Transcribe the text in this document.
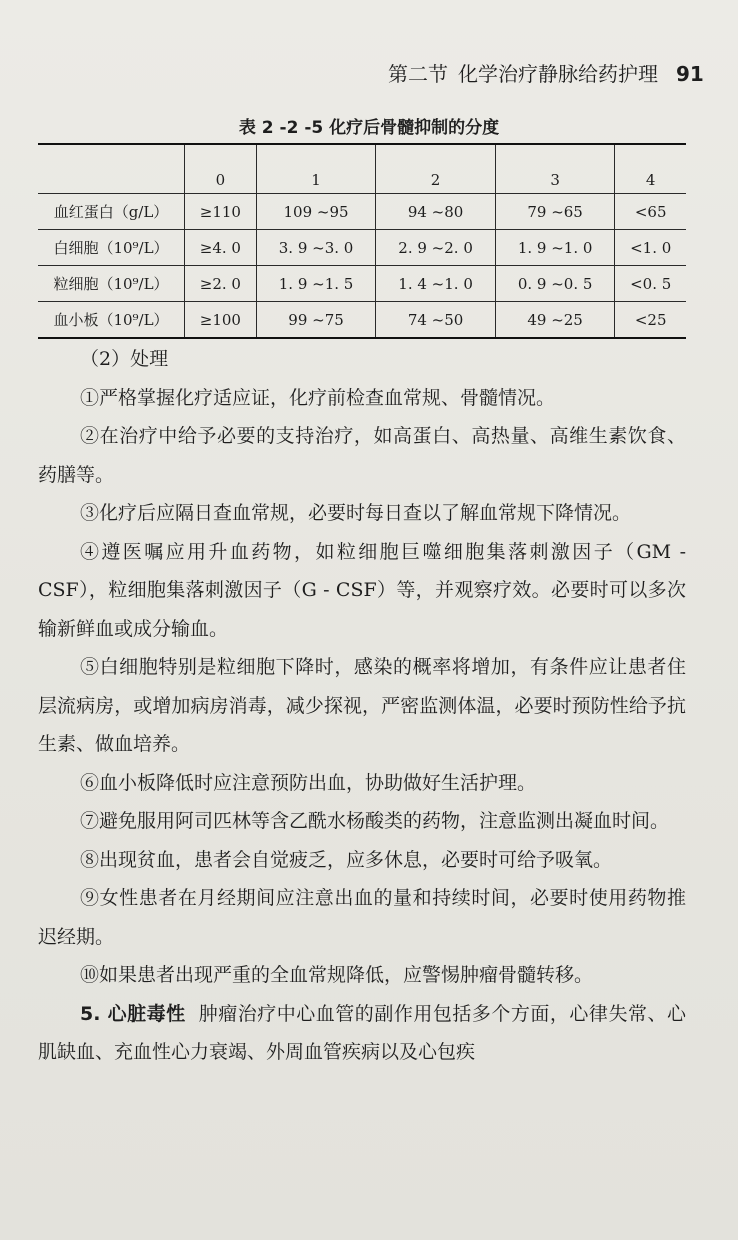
第二节 化学治疗静脉给药护理 91
表 2 -2 -5 化疗后骨髓抑制的分度
	0	1	2	3	4
血红蛋白（g/L）	≥110	109 ~95	94 ~80	79 ~65	<65
白细胞（10⁹/L）	≥4. 0	3. 9 ~3. 0	2. 9 ~2. 0	1. 9 ~1. 0	<1. 0
粒细胞（10⁹/L）	≥2. 0	1. 9 ~1. 5	1. 4 ~1. 0	0. 9 ~0. 5	<0. 5
血小板（10⁹/L）	≥100	99 ~75	74 ~50	49 ~25	<25

（2）处理

①严格掌握化疗适应证，化疗前检查血常规、骨髓情况。

②在治疗中给予必要的支持治疗，如高蛋白、高热量、高维生素饮食、药膳等。

③化疗后应隔日查血常规，必要时每日查以了解血常规下降情况。

④遵医嘱应用升血药物，如粒细胞巨噬细胞集落刺激因子（GM - CSF），粒细胞集落刺激因子（G - CSF）等，并观察疗效。必要时可以多次输新鲜血或成分输血。

⑤白细胞特别是粒细胞下降时，感染的概率将增加，有条件应让患者住层流病房，或增加病房消毒，减少探视，严密监测体温，必要时预防性给予抗生素、做血培养。

⑥血小板降低时应注意预防出血，协助做好生活护理。

⑦避免服用阿司匹林等含乙酰水杨酸类的药物，注意监测出凝血时间。

⑧出现贫血，患者会自觉疲乏，应多休息，必要时可给予吸氧。

⑨女性患者在月经期间应注意出血的量和持续时间，必要时使用药物推迟经期。

⑩如果患者出现严重的全血常规降低，应警惕肿瘤骨髓转移。

5. 心脏毒性 肿瘤治疗中心血管的副作用包括多个方面，心律失常、心肌缺血、充血性心力衰竭、外周血管疾病以及心包疾
